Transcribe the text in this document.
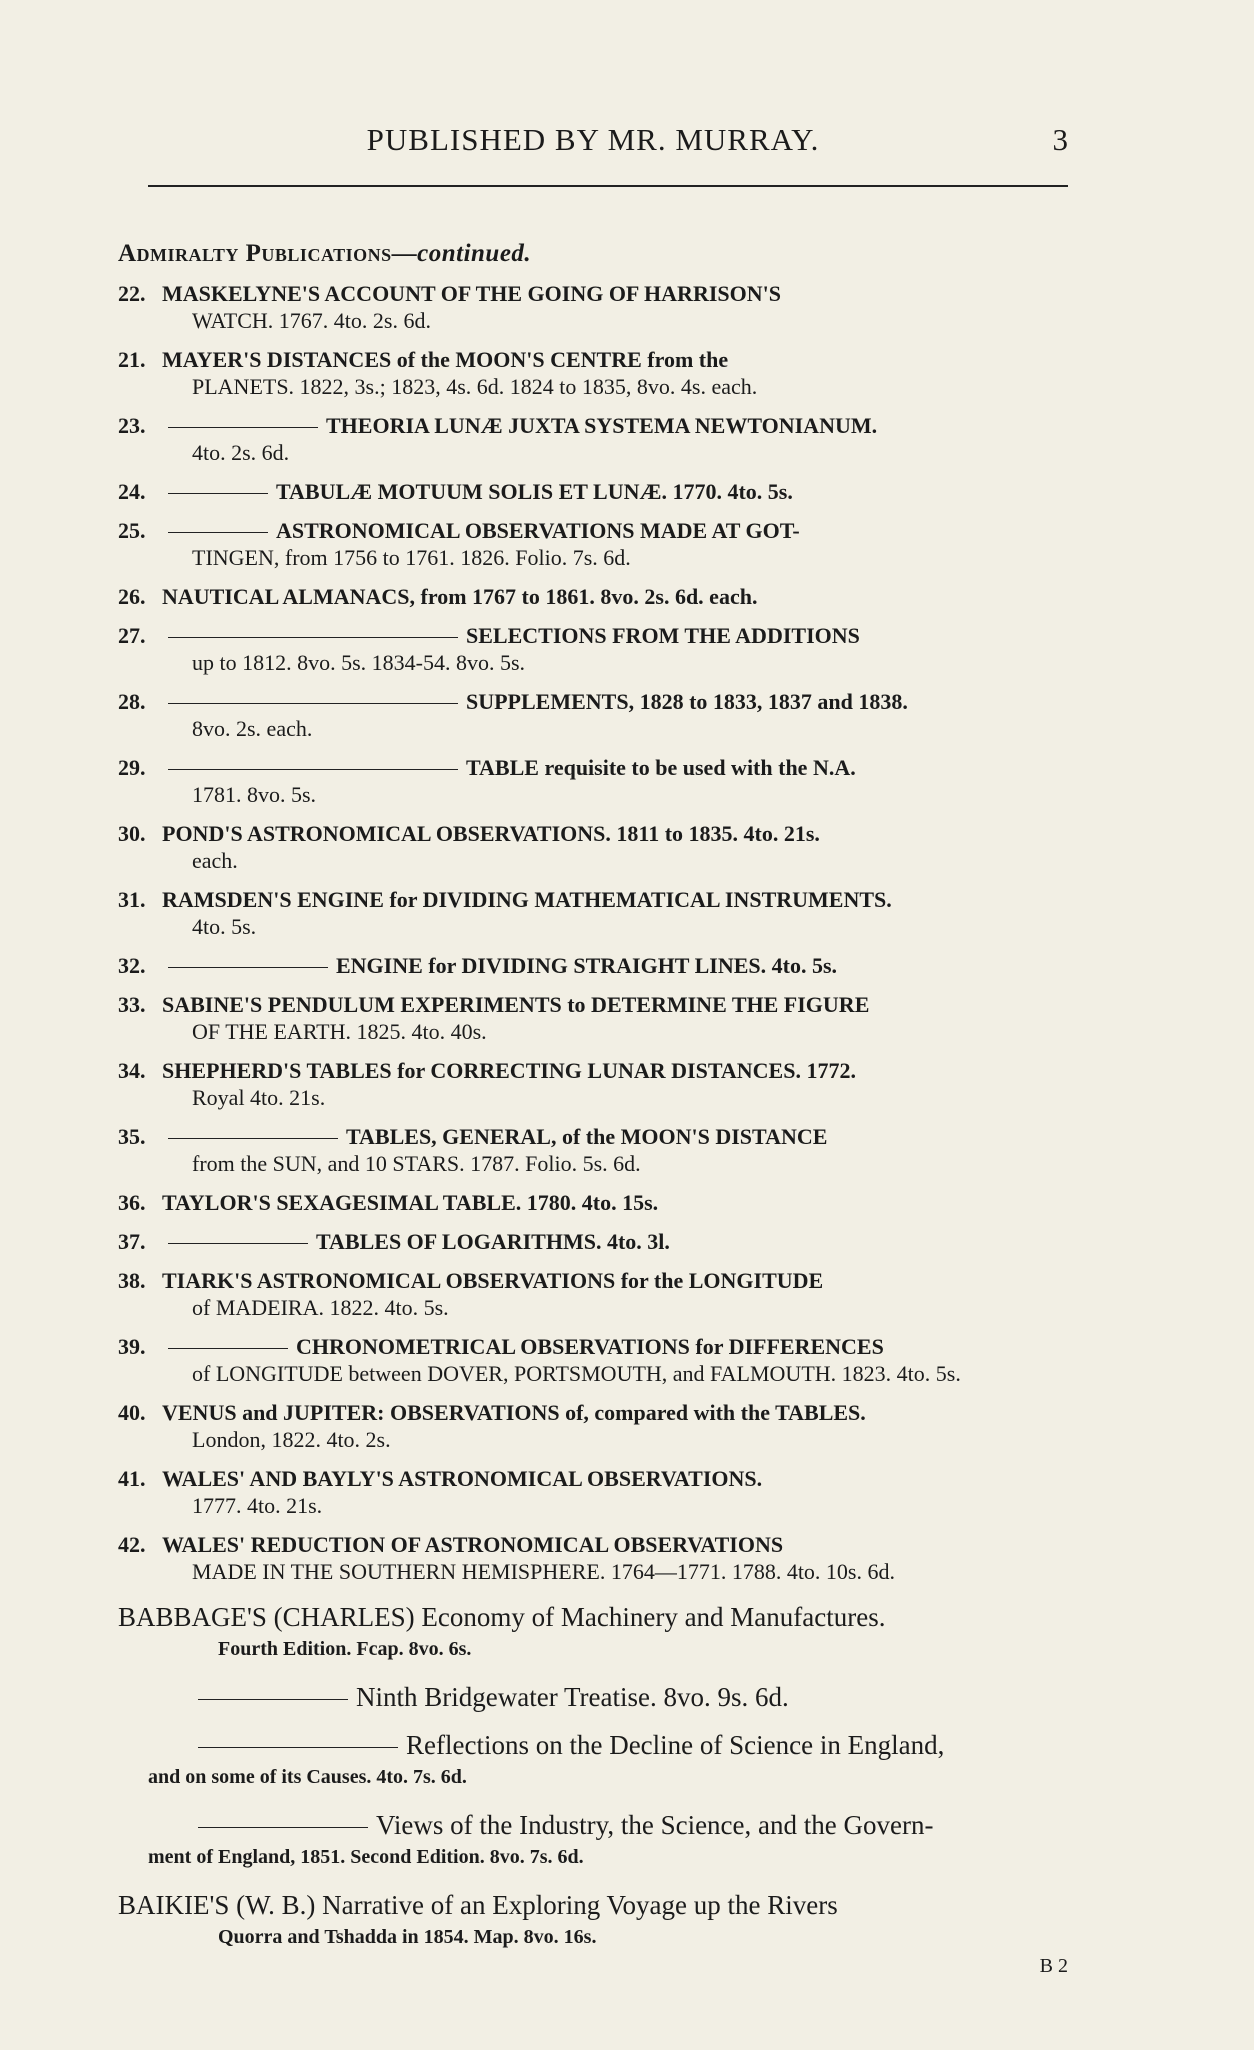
PUBLISHED BY MR. MURRAY.	3
Admiralty Publications—continued.
22. MASKELYNE'S ACCOUNT OF THE GOING OF HARRISON'S
WATCH. 1767. 4to. 2s. 6d.
21. MAYER'S DISTANCES of the MOON'S CENTRE from the
PLANETS. 1822, 3s.; 1823, 4s. 6d. 1824 to 1835, 8vo. 4s. each.
23.	THEORIA LUNÆ JUXTA SYSTEMA NEWTONIANUM.
4to. 2s. 6d.
24.	TABULÆ MOTUUM SOLIS ET LUNÆ. 1770. 4to. 5s.
25.	ASTRONOMICAL OBSERVATIONS MADE AT GOT-
TINGEN, from 1756 to 1761. 1826. Folio. 7s. 6d.
26. NAUTICAL ALMANACS, from 1767 to 1861. 8vo. 2s. 6d. each.
27.	SELECTIONS FROM THE ADDITIONS
up to 1812. 8vo. 5s. 1834-54. 8vo. 5s.
28.	SUPPLEMENTS, 1828 to 1833, 1837 and 1838.
8vo. 2s. each.
29.	TABLE requisite to be used with the N.A.
1781. 8vo. 5s.
30. POND'S ASTRONOMICAL OBSERVATIONS. 1811 to 1835. 4to. 21s.
each.
31. RAMSDEN'S ENGINE for DIVIDING MATHEMATICAL INSTRUMENTS.
4to. 5s.
32.	ENGINE for DIVIDING STRAIGHT LINES. 4to. 5s.
33. SABINE'S PENDULUM EXPERIMENTS to DETERMINE THE FIGURE
OF THE EARTH. 1825. 4to. 40s.
34. SHEPHERD'S TABLES for CORRECTING LUNAR DISTANCES. 1772.
Royal 4to. 21s.
35.	TABLES, GENERAL, of the MOON'S DISTANCE
from the SUN, and 10 STARS. 1787. Folio. 5s. 6d.
36. TAYLOR'S SEXAGESIMAL TABLE. 1780. 4to. 15s.
37.	TABLES OF LOGARITHMS. 4to. 3l.
38. TIARK'S ASTRONOMICAL OBSERVATIONS for the LONGITUDE
of MADEIRA. 1822. 4to. 5s.
39.	CHRONOMETRICAL OBSERVATIONS for DIFFERENCES
of LONGITUDE between DOVER, PORTSMOUTH, and FALMOUTH. 1823. 4to. 5s.
40. VENUS and JUPITER: OBSERVATIONS of, compared with the TABLES.
London, 1822. 4to. 2s.
41. WALES' AND BAYLY'S ASTRONOMICAL OBSERVATIONS.
1777. 4to. 21s.
42. WALES' REDUCTION OF ASTRONOMICAL OBSERVATIONS
MADE IN THE SOUTHERN HEMISPHERE. 1764—1771. 1788. 4to. 10s. 6d.
BABBAGE'S (CHARLES) Economy of Machinery and Manufactures.
Fourth Edition. Fcap. 8vo. 6s.
Ninth Bridgewater Treatise. 8vo. 9s. 6d.
Reflections on the Decline of Science in England,
and on some of its Causes. 4to. 7s. 6d.
Views of the Industry, the Science, and the Govern-
ment of England, 1851. Second Edition. 8vo. 7s. 6d.
BAIKIE'S (W. B.) Narrative of an Exploring Voyage up the Rivers
Quorra and Tshadda in 1854. Map. 8vo. 16s.
B 2
